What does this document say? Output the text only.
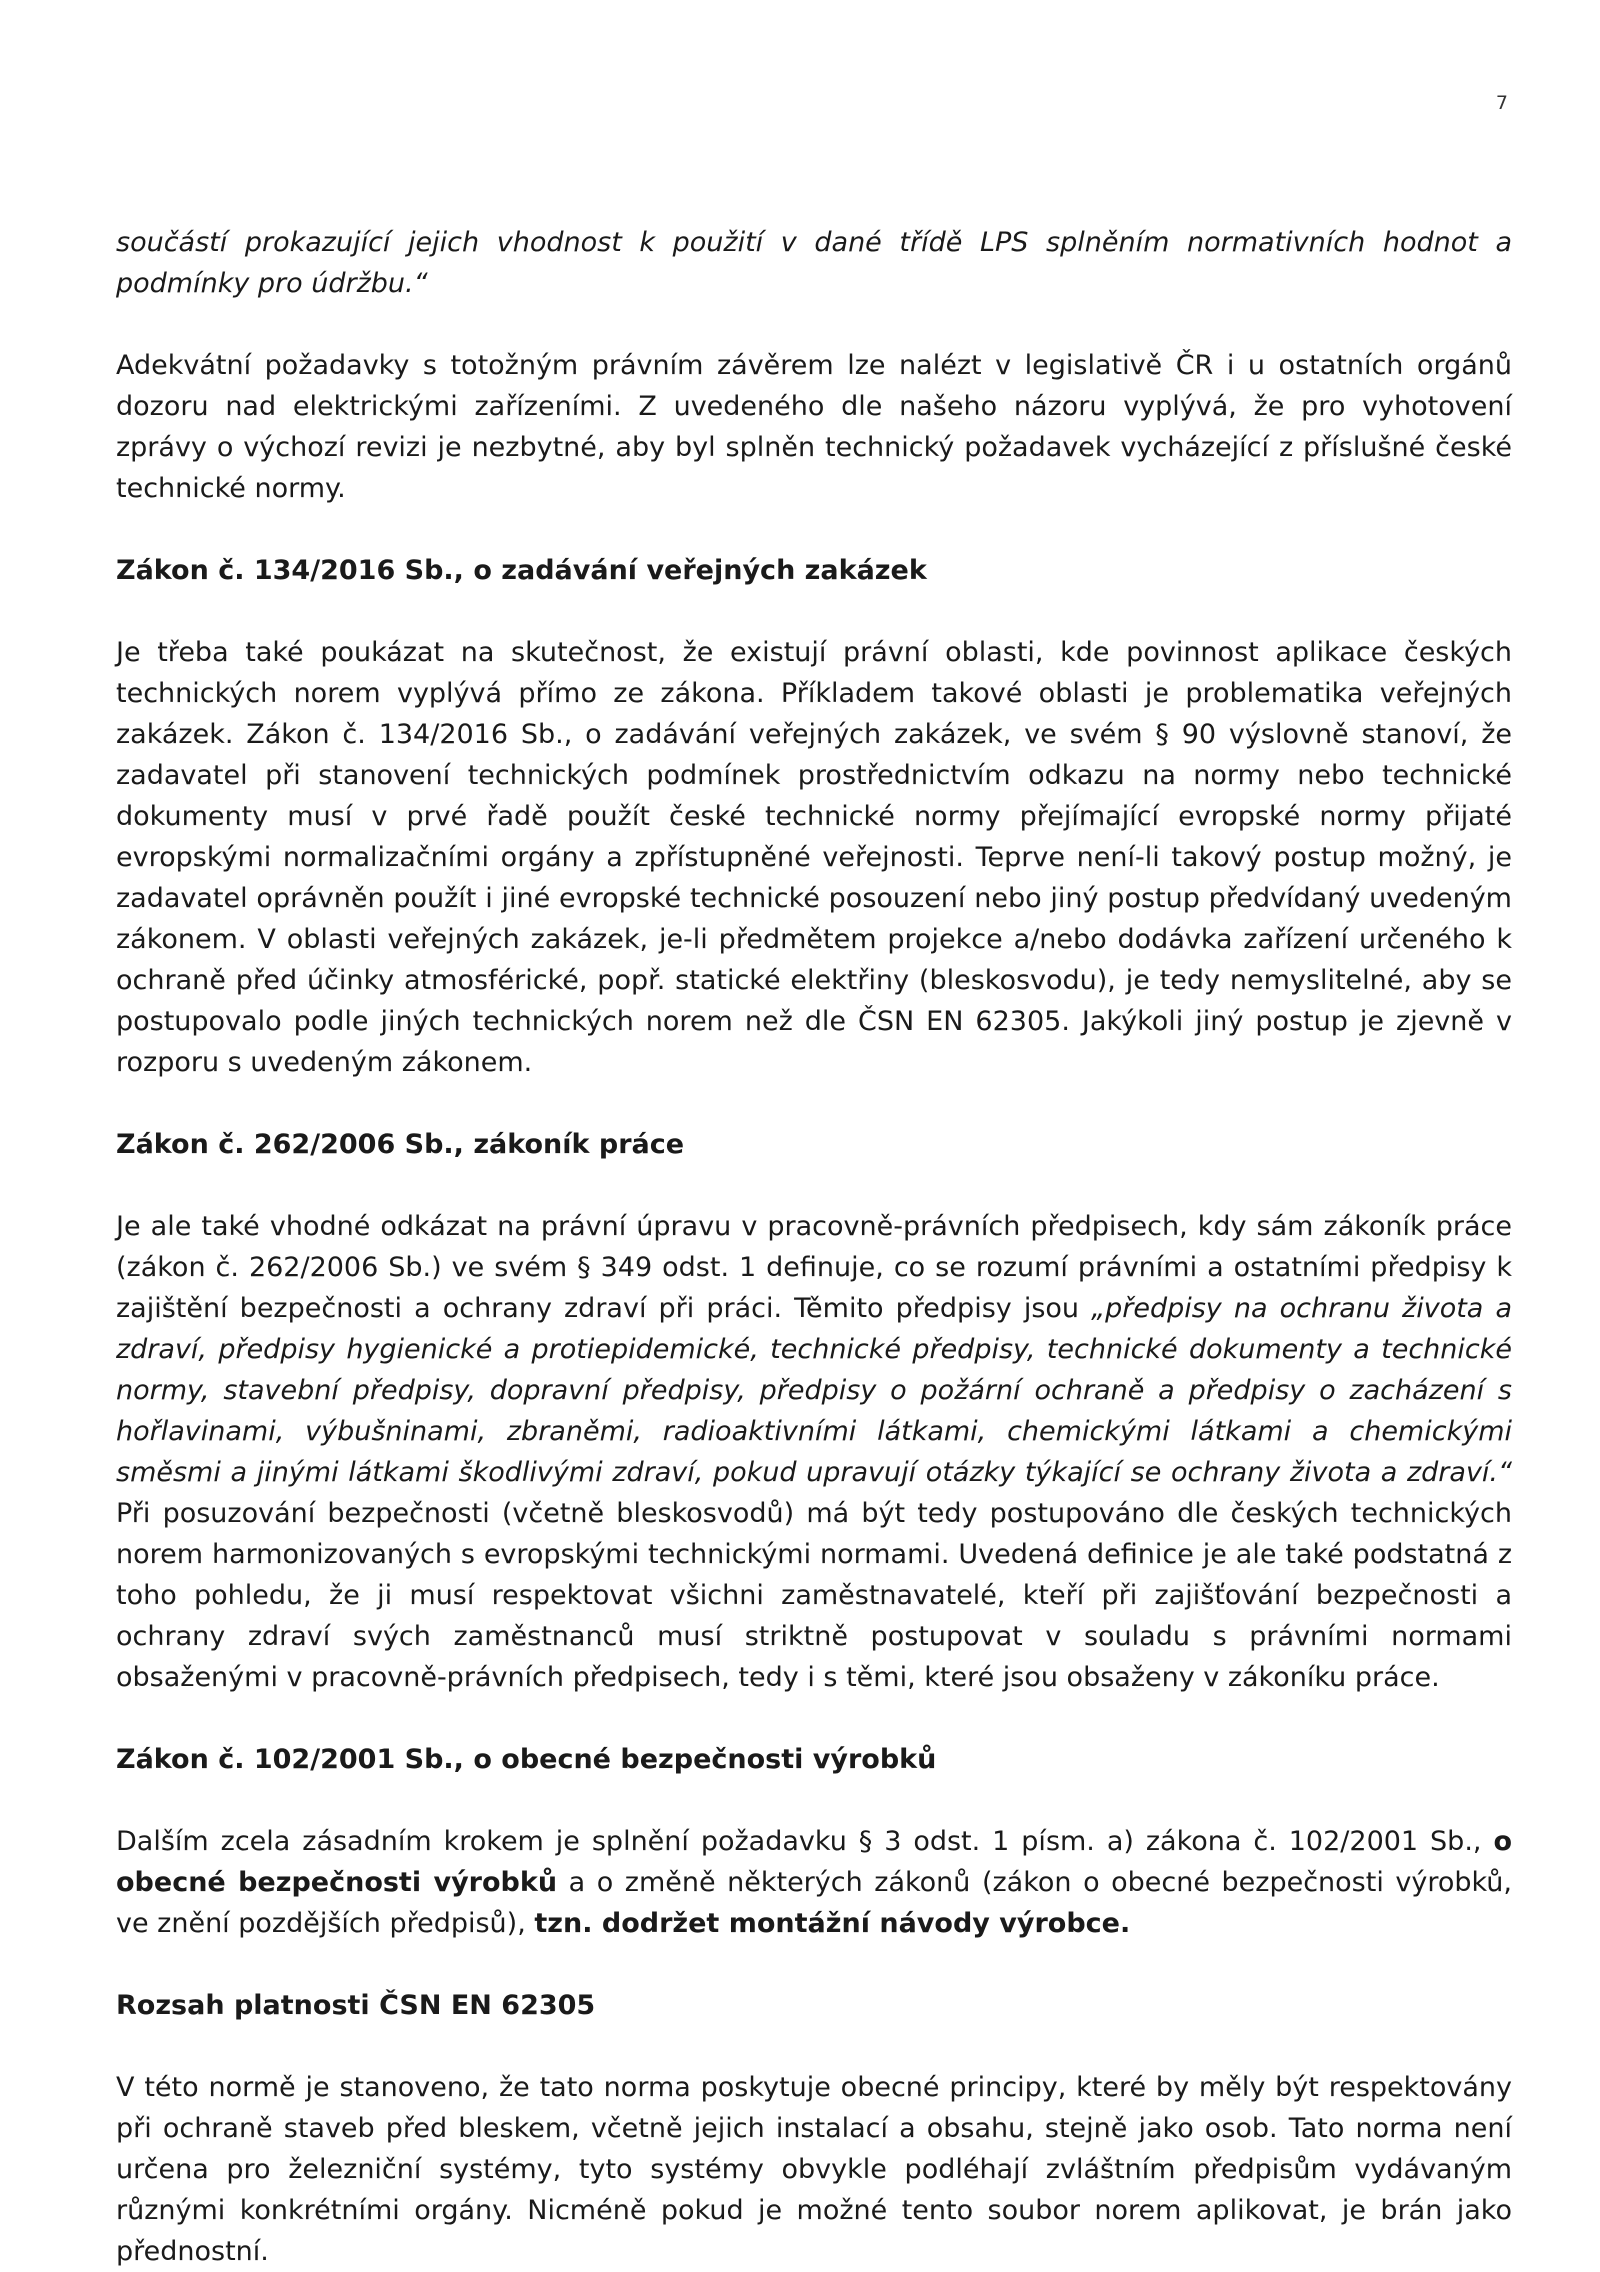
7

součástí prokazující jejich vhodnost k použití v dané třídě LPS splněním normativních hodnot a podmínky pro údržbu.“

Adekvátní požadavky s totožným právním závěrem lze nalézt v legislativě ČR i u ostatních orgánů dozoru nad elektrickými zařízeními. Z uvedeného dle našeho názoru vyplývá, že pro vyhotovení zprávy o výchozí revizi je nezbytné, aby byl splněn technický požadavek vycházející z příslušné české technické normy.

Zákon č. 134/2016 Sb., o zadávání veřejných zakázek

Je třeba také poukázat na skutečnost, že existují právní oblasti, kde povinnost aplikace českých technických norem vyplývá přímo ze zákona. Příkladem takové oblasti je problematika veřejných zakázek. Zákon č. 134/2016 Sb., o zadávání veřejných zakázek, ve svém § 90 výslovně stanoví, že zadavatel při stanovení technických podmínek prostřednictvím odkazu na normy nebo technické dokumenty musí v prvé řadě použít české technické normy přejímající evropské normy přijaté evropskými normalizačními orgány a zpřístupněné veřejnosti. Teprve není-li takový postup možný, je zadavatel oprávněn použít i jiné evropské technické posouzení nebo jiný postup předvídaný uvedeným zákonem. V oblasti veřejných zakázek, je-li předmětem projekce a/nebo dodávka zařízení určeného k ochraně před účinky atmosférické, popř. statické elektřiny (bleskosvodu), je tedy nemyslitelné, aby se postupovalo podle jiných technických norem než dle ČSN EN 62305. Jakýkoli jiný postup je zjevně v rozporu s uvedeným zákonem.

Zákon č. 262/2006 Sb., zákoník práce

Je ale také vhodné odkázat na právní úpravu v pracovně-právních předpisech, kdy sám zákoník práce (zákon č. 262/2006 Sb.) ve svém § 349 odst. 1 definuje, co se rozumí právními a ostatními předpisy k zajištění bezpečnosti a ochrany zdraví při práci. Těmito předpisy jsou „předpisy na ochranu života a zdraví, předpisy hygienické a protiepidemické, technické předpisy, technické dokumenty a technické normy, stavební předpisy, dopravní předpisy, předpisy o požární ochraně a předpisy o zacházení s hořlavinami, výbušninami, zbraněmi, radioaktivními látkami, chemickými látkami a chemickými směsmi a jinými látkami škodlivými zdraví, pokud upravují otázky týkající se ochrany života a zdraví.“ Při posuzování bezpečnosti (včetně bleskosvodů) má být tedy postupováno dle českých technických norem harmonizovaných s evropskými technickými normami. Uvedená definice je ale také podstatná z toho pohledu, že ji musí respektovat všichni zaměstnavatelé, kteří při zajišťování bezpečnosti a ochrany zdraví svých zaměstnanců musí striktně postupovat v souladu s právními normami obsaženými v pracovně-právních předpisech, tedy i s těmi, které jsou obsaženy v zákoníku práce.

Zákon č. 102/2001 Sb., o obecné bezpečnosti výrobků

Dalším zcela zásadním krokem je splnění požadavku § 3 odst. 1 písm. a) zákona č. 102/2001 Sb., o obecné bezpečnosti výrobků a o změně některých zákonů (zákon o obecné bezpečnosti výrobků, ve znění pozdějších předpisů), tzn. dodržet montážní návody výrobce.

Rozsah platnosti ČSN EN 62305

V této normě je stanoveno, že tato norma poskytuje obecné principy, které by měly být respektovány při ochraně staveb před bleskem, včetně jejich instalací a obsahu, stejně jako osob. Tato norma není určena pro železniční systémy, tyto systémy obvykle podléhají zvláštním předpisům vydávaným různými konkrétními orgány. Nicméně pokud je možné tento soubor norem aplikovat, je brán jako přednostní.
